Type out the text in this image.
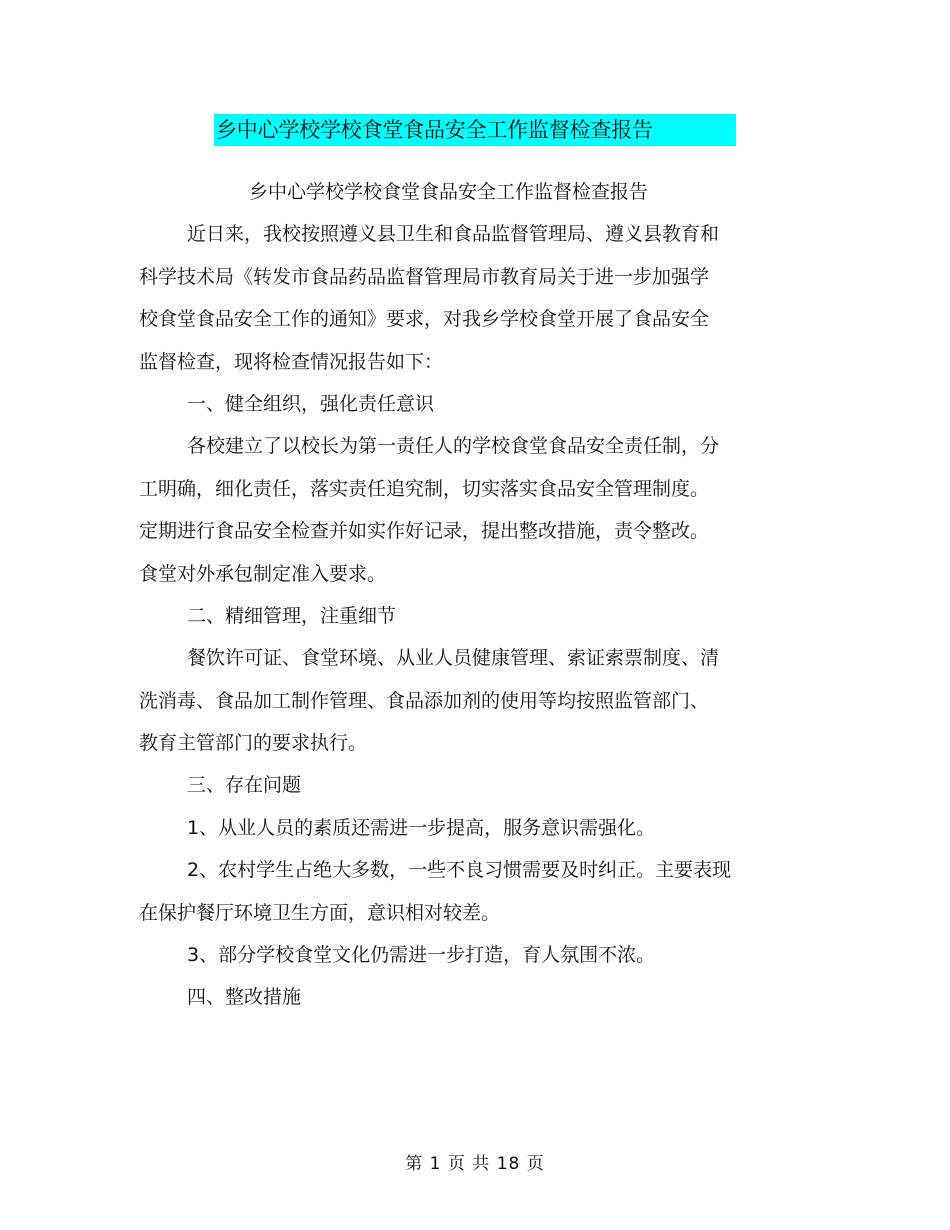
乡中心学校学校食堂食品安全工作监督检查报告
乡中心学校学校食堂食品安全工作监督检查报告
近日来，我校按照遵义县卫生和食品监督管理局、遵义县教育和
科学技术局《转发市食品药品监督管理局市教育局关于进一步加强学
校食堂食品安全工作的通知》要求，对我乡学校食堂开展了食品安全
监督检查，现将检查情况报告如下：
一、健全组织，强化责任意识
各校建立了以校长为第一责任人的学校食堂食品安全责任制，分
工明确，细化责任，落实责任追究制，切实落实食品安全管理制度。
定期进行食品安全检查并如实作好记录，提出整改措施，责令整改。
食堂对外承包制定准入要求。
二、精细管理，注重细节
餐饮许可证、食堂环境、从业人员健康管理、索证索票制度、清
洗消毒、食品加工制作管理、食品添加剂的使用等均按照监管部门、
教育主管部门的要求执行。
三、存在问题
1、从业人员的素质还需进一步提高，服务意识需强化。
2、农村学生占绝大多数，一些不良习惯需要及时纠正。主要表现
在保护餐厅环境卫生方面，意识相对较差。
3、部分学校食堂文化仍需进一步打造，育人氛围不浓。
四、整改措施
第 1 页 共 18 页
